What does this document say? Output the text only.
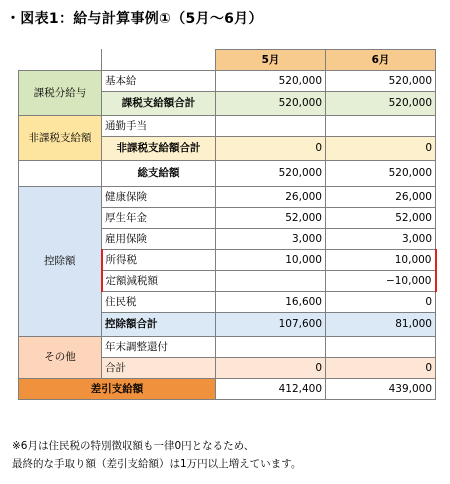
・図表1：給与計算事例①（5月～6月）
		5月	6月
課税分給与	基本給	520,000	520,000
	課税支給額合計	520,000	520,000
非課税支給額	通勤手当		
	非課税支給額合計	0	0
	総支給額	520,000	520,000
控除額	健康保険	26,000	26,000
	厚生年金	52,000	52,000
	雇用保険	3,000	3,000
	所得税	10,000	10,000
	定額減税額		−10,000
	住民税	16,600	0
	控除額合計	107,600	81,000
その他	年末調整還付		
	合計	0	0
差引支給額		412,400	439,000
※6月は住民税の特別徴収額も一律0円となるため、
最終的な手取り額（差引支給額）は1万円以上増えています。
